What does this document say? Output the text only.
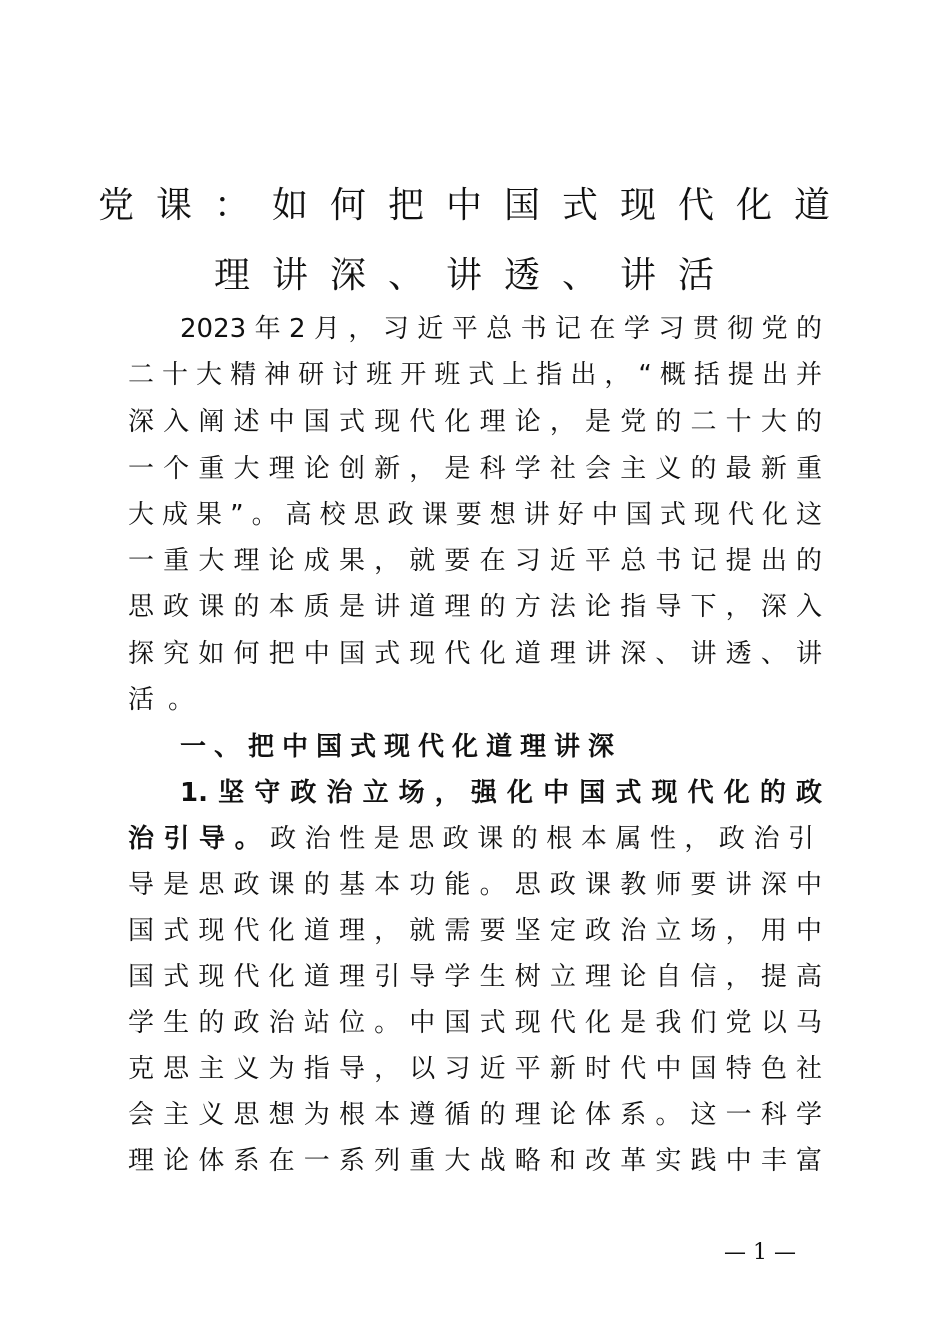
党课：如何把中国式现代化道
理讲深、讲透、讲活
2023年2月，习近平总书记在学习贯彻党的
二十大精神研讨班开班式上指出，“概括提出并
深入阐述中国式现代化理论，是党的二十大的
一个重大理论创新，是科学社会主义的最新重
大成果”。高校思政课要想讲好中国式现代化这
一重大理论成果，就要在习近平总书记提出的
思政课的本质是讲道理的方法论指导下，深入
探究如何把中国式现代化道理讲深、讲透、讲
活。
一、把中国式现代化道理讲深
1.坚守政治立场，强化中国式现代化的政
治引导。政治性是思政课的根本属性，政治引
导是思政课的基本功能。思政课教师要讲深中
国式现代化道理，就需要坚定政治立场，用中
国式现代化道理引导学生树立理论自信，提高
学生的政治站位。中国式现代化是我们党以马
克思主义为指导，以习近平新时代中国特色社
会主义思想为根本遵循的理论体系。这一科学
理论体系在一系列重大战略和改革实践中丰富
— 1 —
